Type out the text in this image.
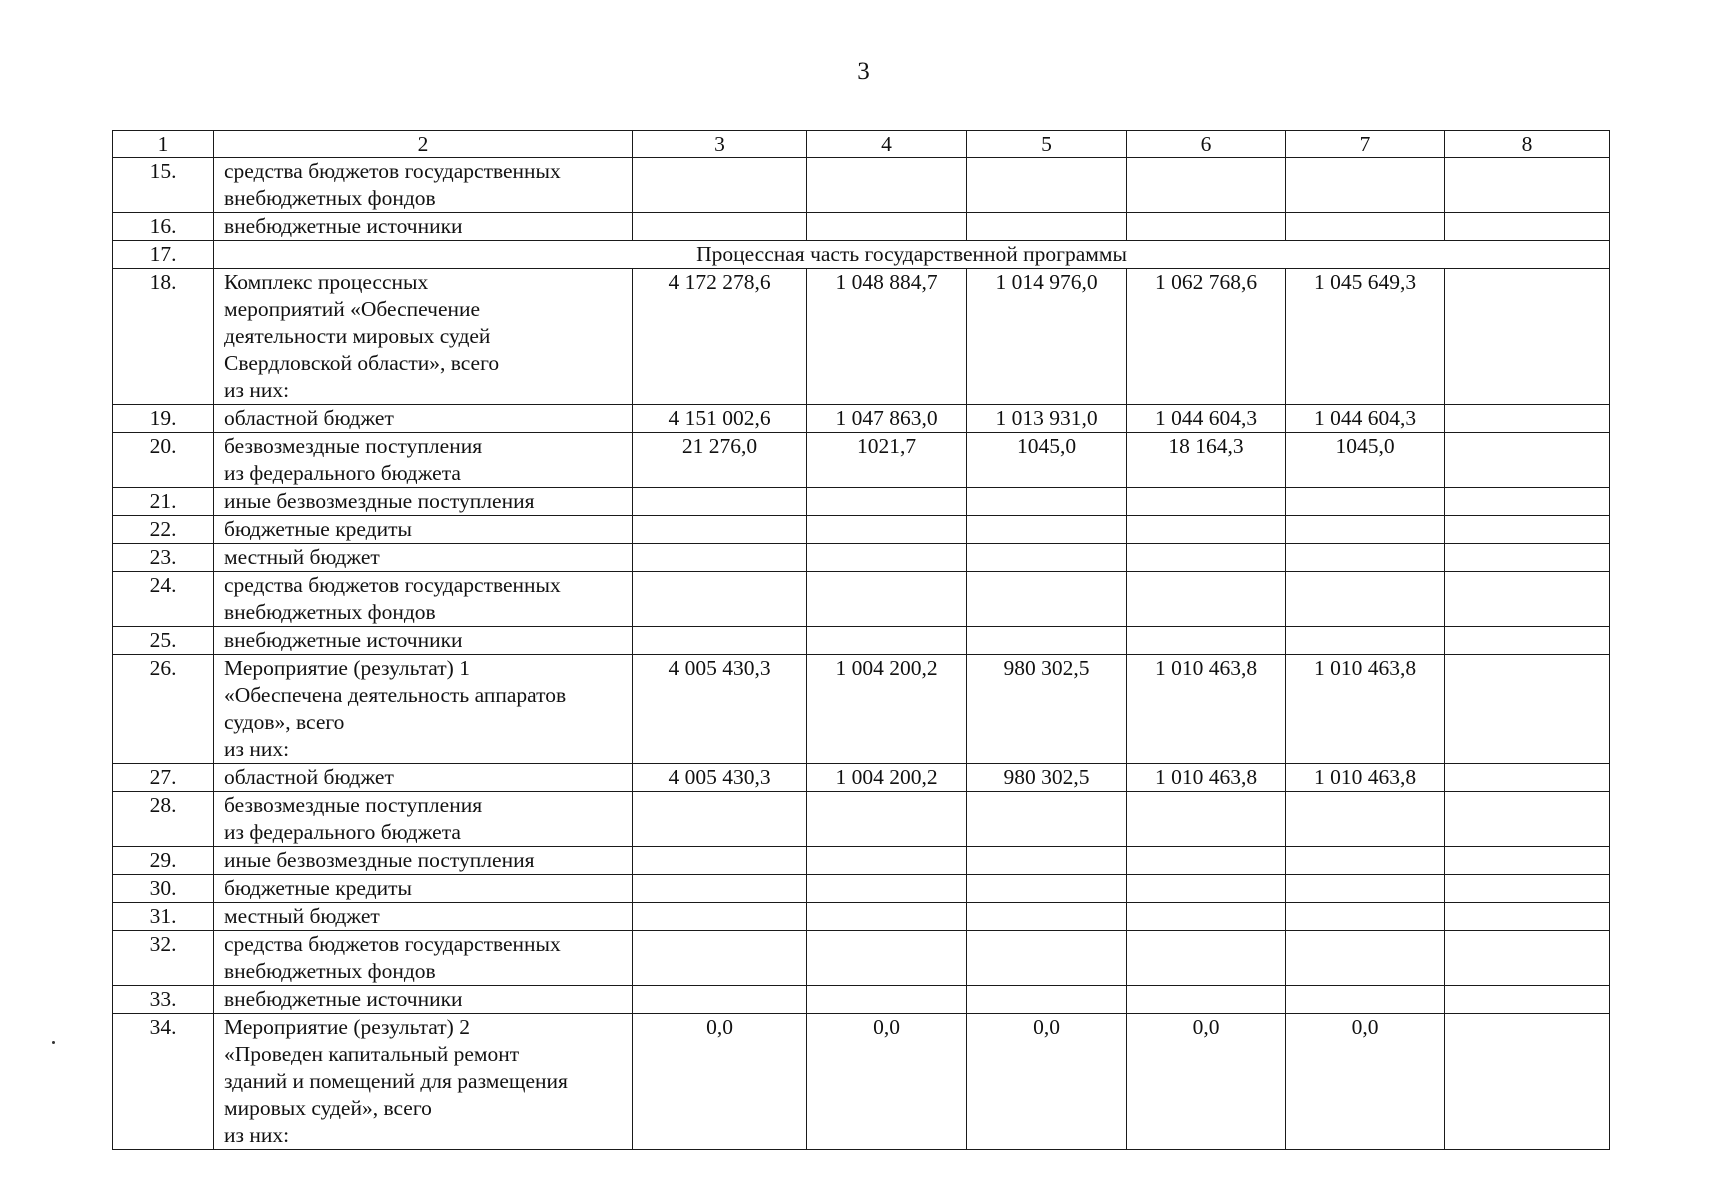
3
1	2	3	4	5	6	7	8
15.	средства бюджетов государственных
внебюджетных фондов						
16.	внебюджетные источники						
17.	Процессная часть государственной программы						
18.	Комплекс процессных
мероприятий «Обеспечение
деятельности мировых судей
Свердловской области», всего
из них:	4 172 278,6	1 048 884,7	1 014 976,0	1 062 768,6	1 045 649,3	
19.	областной бюджет	4 151 002,6	1 047 863,0	1 013 931,0	1 044 604,3	1 044 604,3	
20.	безвозмездные поступления
из федерального бюджета	21 276,0	1021,7	1045,0	18 164,3	1045,0	
21.	иные безвозмездные поступления						
22.	бюджетные кредиты						
23.	местный бюджет						
24.	средства бюджетов государственных
внебюджетных фондов						
25.	внебюджетные источники						
26.	Мероприятие (результат) 1
«Обеспечена деятельность аппаратов
судов», всего
из них:	4 005 430,3	1 004 200,2	980 302,5	1 010 463,8	1 010 463,8	
27.	областной бюджет	4 005 430,3	1 004 200,2	980 302,5	1 010 463,8	1 010 463,8	
28.	безвозмездные поступления
из федерального бюджета						
29.	иные безвозмездные поступления						
30.	бюджетные кредиты						
31.	местный бюджет						
32.	средства бюджетов государственных
внебюджетных фондов						
33.	внебюджетные источники						
34.	Мероприятие (результат) 2
«Проведен капитальный ремонт
зданий и помещений для размещения
мировых судей», всего
из них:	0,0	0,0	0,0	0,0	0,0	
